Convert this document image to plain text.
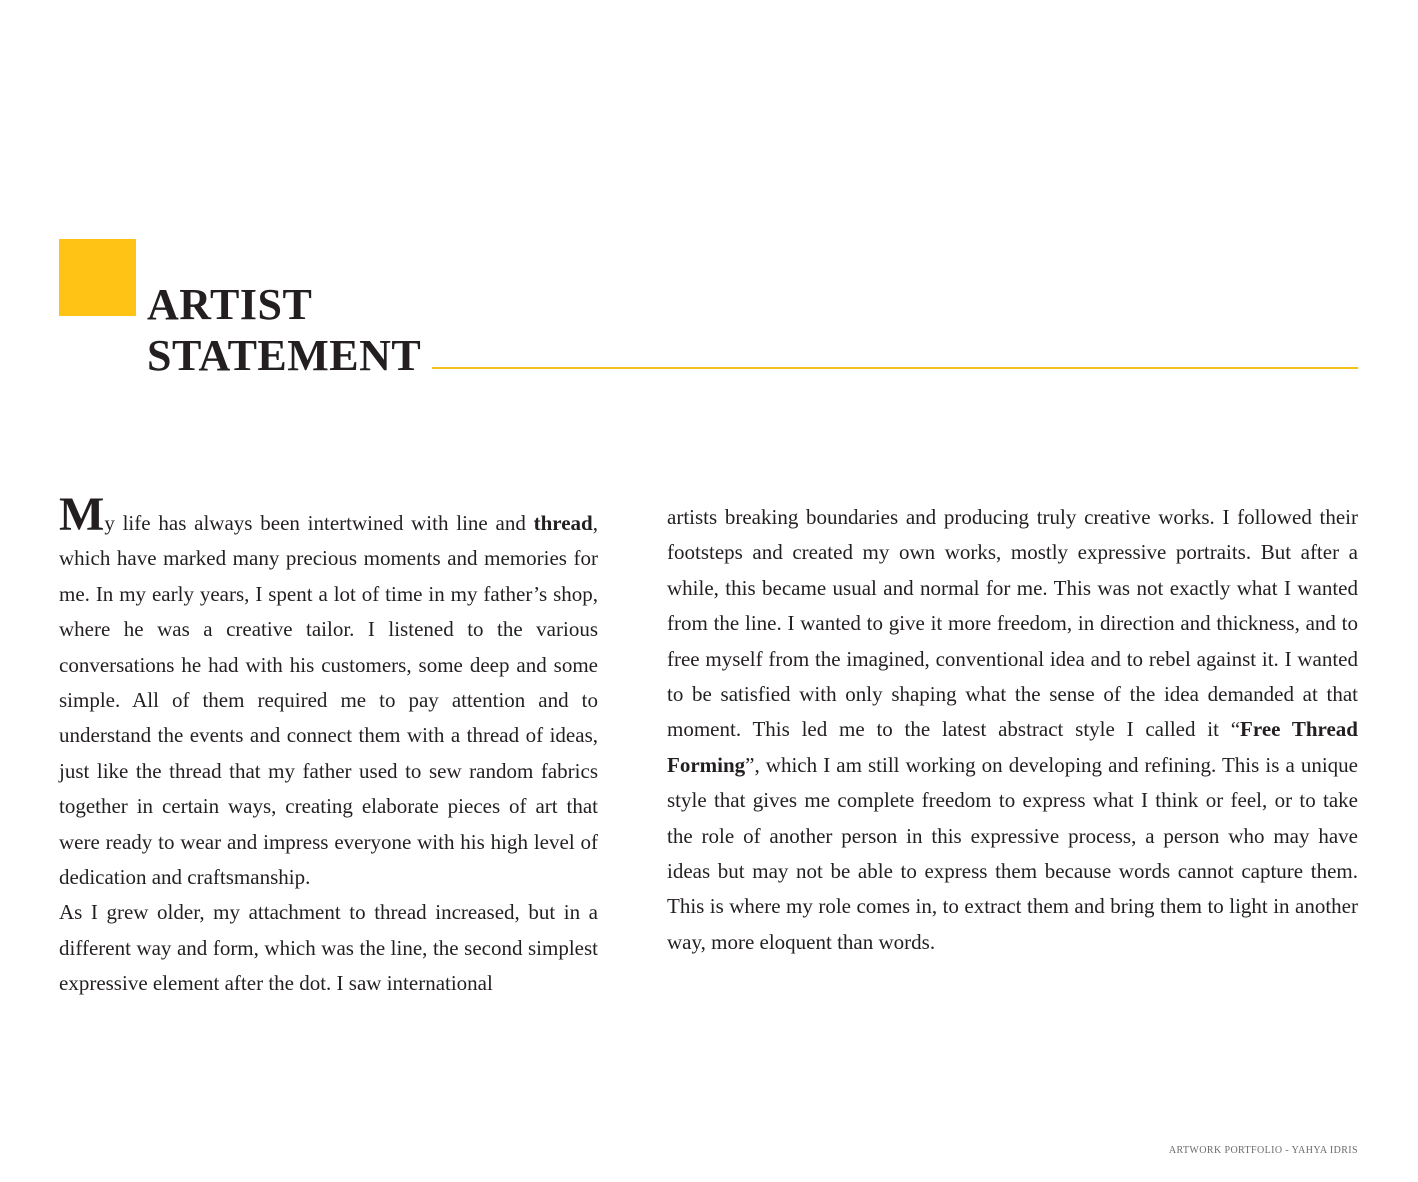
ARTIST
STATEMENT

My life has always been intertwined with line and thread, which have marked many precious moments and memories for me. In my early years, I spent a lot of time in my father’s shop, where he was a creative tailor. I listened to the various conversations he had with his customers, some deep and some simple. All of them required me to pay attention and to understand the events and connect them with a thread of ideas, just like the thread that my father used to sew random fabrics together in certain ways, creating elaborate pieces of art that were ready to wear and impress everyone with his high level of dedication and craftsmanship.

As I grew older, my attachment to thread increased, but in a different way and form, which was the line, the second simplest expressive element after the dot. I saw international

artists breaking boundaries and producing truly creative works. I followed their footsteps and created my own works, mostly expressive portraits. But after a while, this became usual and normal for me. This was not exactly what I wanted from the line. I wanted to give it more freedom, in direction and thickness, and to free myself from the imagined, conventional idea and to rebel against it. I wanted to be satisfied with only shaping what the sense of the idea demanded at that moment. This led me to the latest abstract style I called it “Free Thread Forming”, which I am still working on developing and refining. This is a unique style that gives me complete freedom to express what I think or feel, or to take the role of another person in this expressive process, a person who may have ideas but may not be able to express them because words cannot capture them. This is where my role comes in, to extract them and bring them to light in another way, more eloquent than words.

ARTWORK PORTFOLIO - YAHYA IDRIS
